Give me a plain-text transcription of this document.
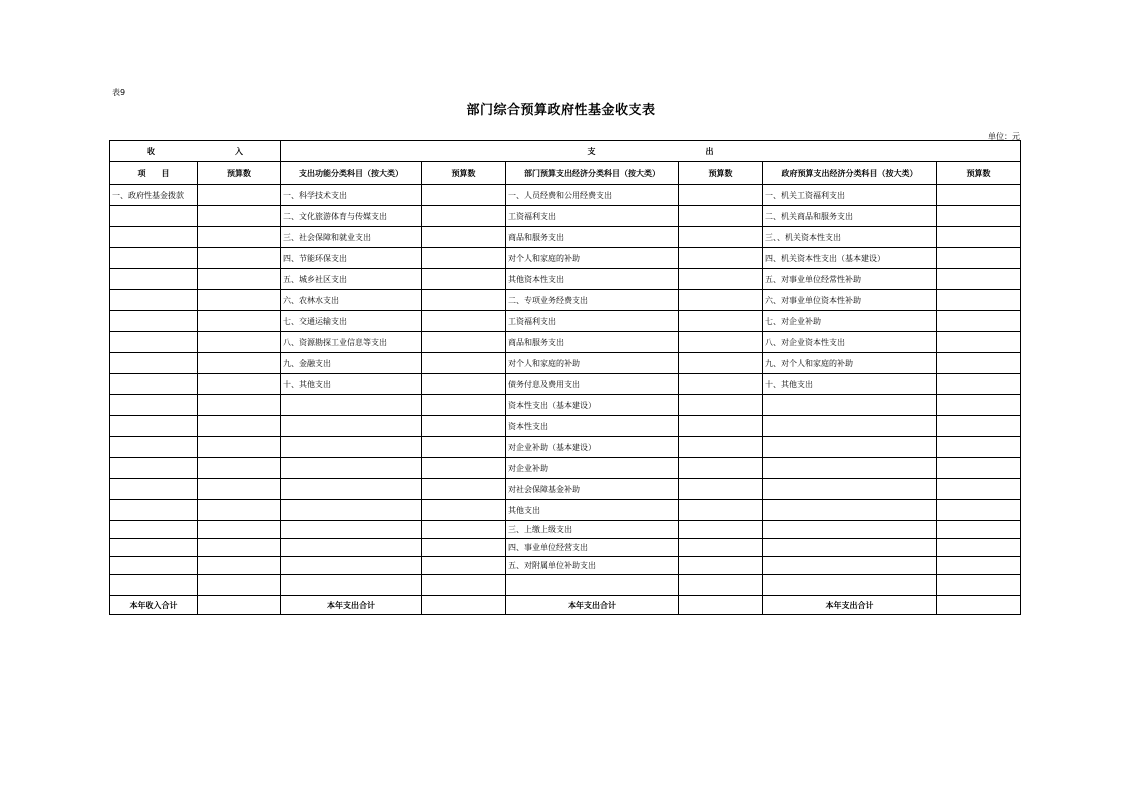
表9
部门综合预算政府性基金收支表
单位：元
收 入		支 出					
项　　目	预算数	支出功能分类科目（按大类）	预算数	部门预算支出经济分类科目（按大类）	预算数	政府预算支出经济分类科目（按大类）	预算数
一、政府性基金拨款		一、科学技术支出		一、人员经费和公用经费支出		一、机关工资福利支出	
		二、文化旅游体育与传媒支出		工资福利支出		二、机关商品和服务支出	
		三、社会保障和就业支出		商品和服务支出		三、、机关资本性支出	
		四、节能环保支出		对个人和家庭的补助		四、机关资本性支出（基本建设）	
		五、城乡社区支出		其他资本性支出		五、对事业单位经常性补助	
		六、农林水支出		二、专项业务经费支出		六、对事业单位资本性补助	
		七、交通运输支出		工资福利支出		七、对企业补助	
		八、资源勘探工业信息等支出		商品和服务支出		八、对企业资本性支出	
		九、金融支出		对个人和家庭的补助		九、对个人和家庭的补助	
		十、其他支出		债务付息及费用支出		十、其他支出	
				资本性支出（基本建设）			
				资本性支出			
				对企业补助（基本建设）			
				对企业补助			
				对社会保障基金补助			
				其他支出			
				三、上缴上级支出			
				四、事业单位经营支出			
				五、对附属单位补助支出			

本年收入合计		本年支出合计		本年支出合计		本年支出合计	
